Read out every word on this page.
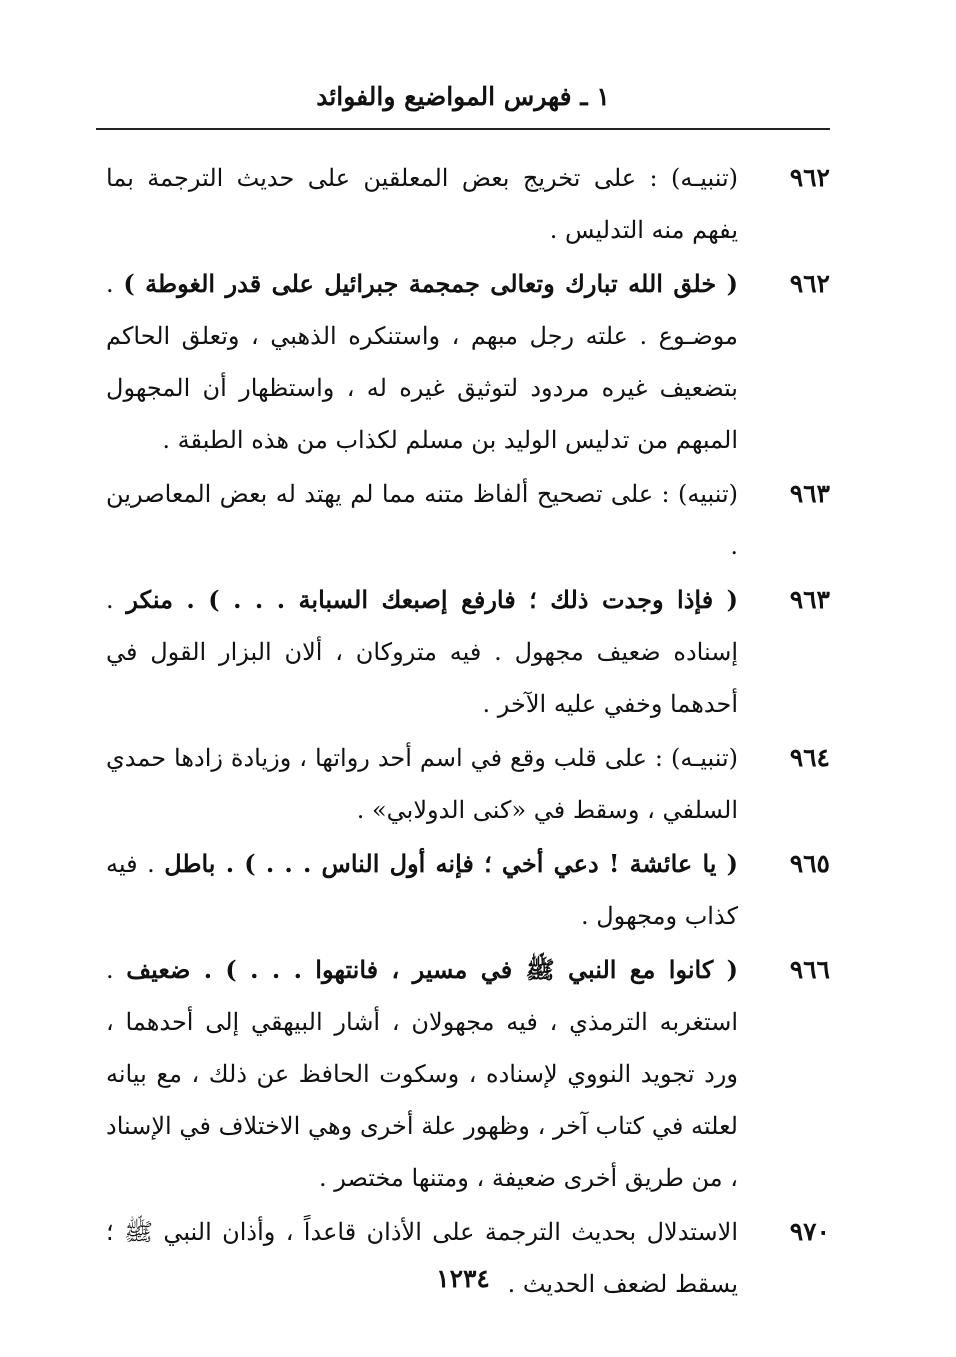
١ ـ فهرس المواضيع والفوائد
٩٦٢
(تنبيـه) : على تخريج بعض المعلقين على حديث الترجمة بما يفهم منه التدليس .
٩٦٢
( خلق الله تبارك وتعالى جمجمة جبرائيل على قدر الغوطة ) . موضـوع . علته رجل مبهم ، واستنكره الذهبي ، وتعلق الحاكم بتضعيف غيره مردود لتوثيق غيره له ، واستظهار أن المجهول المبهم من تدليس الوليد بن مسلم لكذاب من هذه الطبقة .
٩٦٣
(تنبيه) : على تصحيح ألفاظ متنه مما لم يهتد له بعض المعاصرين .
٩٦٣
( فإذا وجدت ذلك ؛ فارفع إصبعك السبابة . . . ) . منكر . إسناده ضعيف مجهول . فيه متروكان ، ألان البزار القول في أحدهما وخفي عليه الآخر .
٩٦٤
(تنبيـه) : على قلب وقع في اسم أحد رواتها ، وزيادة زادها حمدي السلفي ، وسقط في «كنى الدولابي» .
٩٦٥
( يا عائشة ! دعي أخي ؛ فإنه أول الناس . . . ) . باطل . فيه كذاب ومجهول .
٩٦٦
( كانوا مع النبي ﷺ في مسير ، فانتهوا . . . ) . ضعيف . استغربه الترمذي ، فيه مجهولان ، أشار البيهقي إلى أحدهما ، ورد تجويد النووي لإسناده ، وسكوت الحافظ عن ذلك ، مع بيانه لعلته في كتاب آخر ، وظهور علة أخرى وهي الاختلاف في الإسناد ، من طريق أخرى ضعيفة ، ومتنها مختصر .
٩٧٠
الاستدلال بحديث الترجمة على الأذان قاعداً ، وأذان النبي ﷺ ؛ يسقط لضعف الحديث .
١٢٣٤
